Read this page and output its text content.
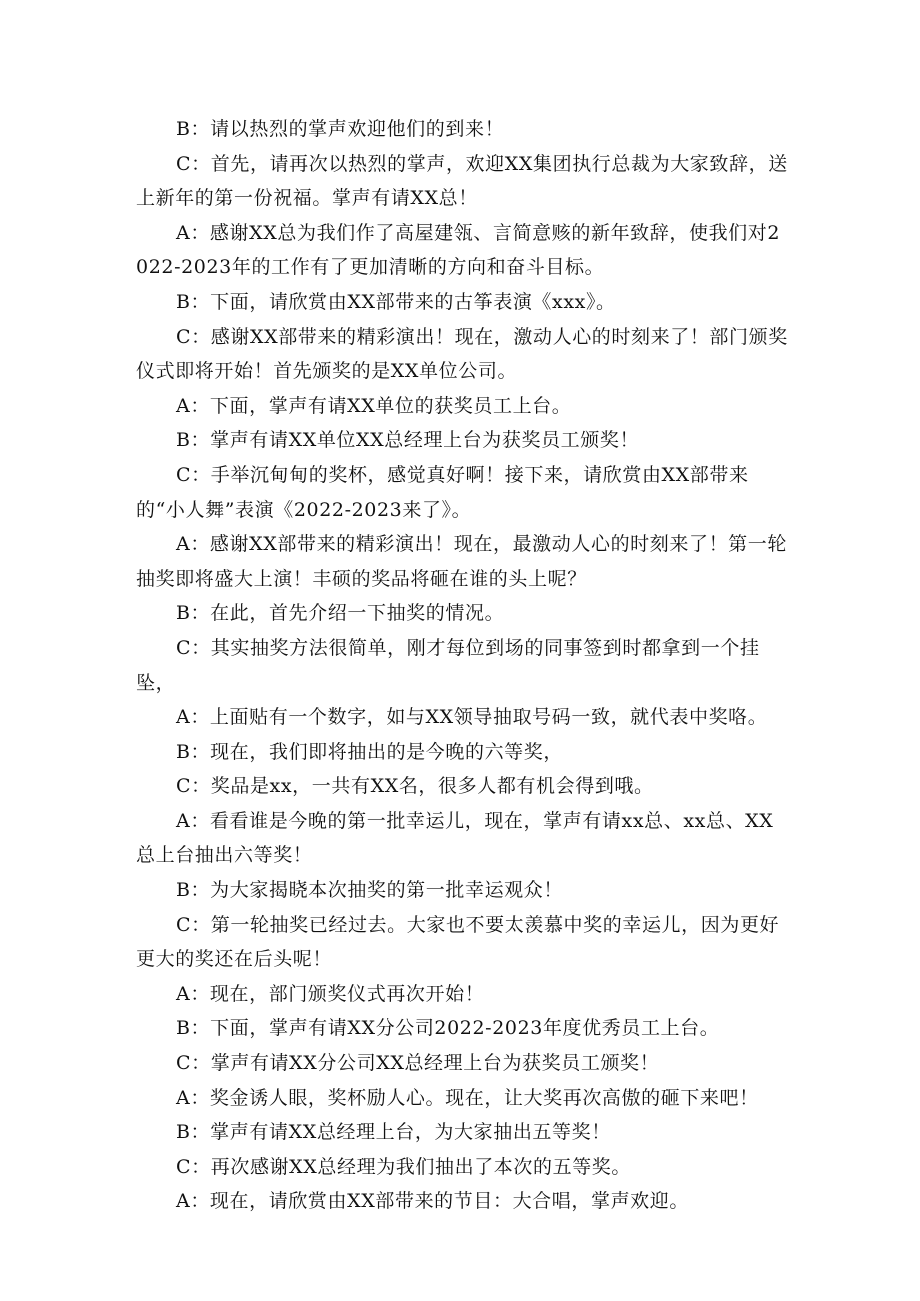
B：请以热烈的掌声欢迎他们的到来！

C：首先，请再次以热烈的掌声，欢迎XX集团执行总裁为大家致辞，送上新年的第一份祝福。掌声有请XX总！

A：感谢XX总为我们作了高屋建瓴、言简意赅的新年致辞，使我们对2022-2023年的工作有了更加清晰的方向和奋斗目标。

B：下面，请欣赏由XX部带来的古筝表演《xxx》。

C：感谢XX部带来的精彩演出！现在，激动人心的时刻来了！部门颁奖仪式即将开始！首先颁奖的是XX单位公司。

A：下面，掌声有请XX单位的获奖员工上台。

B：掌声有请XX单位XX总经理上台为获奖员工颁奖！

C：手举沉甸甸的奖杯，感觉真好啊！接下来，请欣赏由XX部带来的“小人舞”表演《2022-2023来了》。

A：感谢XX部带来的精彩演出！现在，最激动人心的时刻来了！第一轮抽奖即将盛大上演！丰硕的奖品将砸在谁的头上呢？

B：在此，首先介绍一下抽奖的情况。

C：其实抽奖方法很简单，刚才每位到场的同事签到时都拿到一个挂坠，

A：上面贴有一个数字，如与XX领导抽取号码一致，就代表中奖咯。

B：现在，我们即将抽出的是今晚的六等奖，

C：奖品是xx，一共有XX名，很多人都有机会得到哦。

A：看看谁是今晚的第一批幸运儿，现在，掌声有请xx总、xx总、XX总上台抽出六等奖！

B：为大家揭晓本次抽奖的第一批幸运观众！

C：第一轮抽奖已经过去。大家也不要太羡慕中奖的幸运儿，因为更好更大的奖还在后头呢！

A：现在，部门颁奖仪式再次开始！

B：下面，掌声有请XX分公司2022-2023年度优秀员工上台。

C：掌声有请XX分公司XX总经理上台为获奖员工颁奖！

A：奖金诱人眼，奖杯励人心。现在，让大奖再次高傲的砸下来吧！

B：掌声有请XX总经理上台，为大家抽出五等奖！

C：再次感谢XX总经理为我们抽出了本次的五等奖。

A：现在，请欣赏由XX部带来的节目：大合唱，掌声欢迎。
